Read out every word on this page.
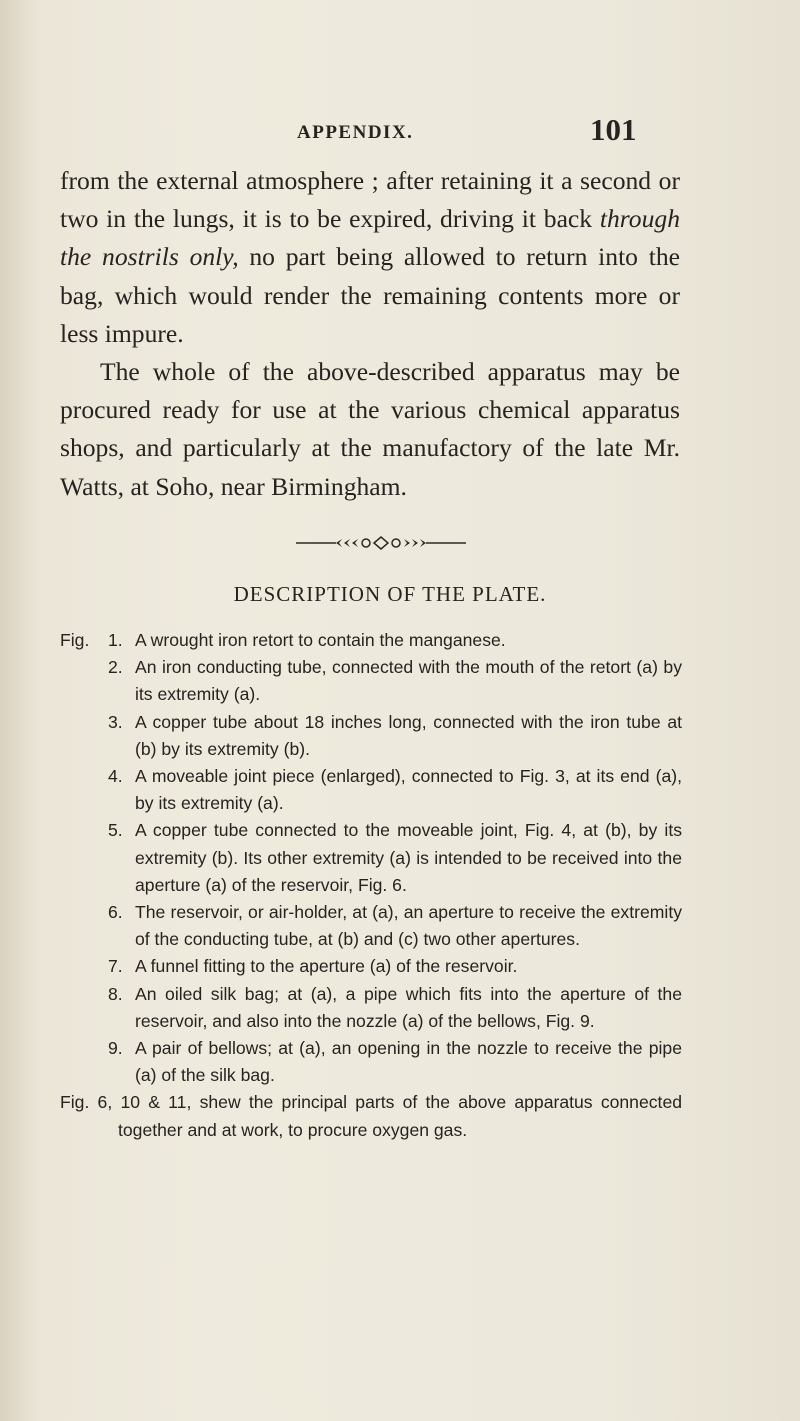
APPENDIX.	101

from the external atmosphere ; after retaining it a second or two in the lungs, it is to be expired, driving it back through the nostrils only, no part being allowed to return into the bag, which would render the remaining contents more or less impure.

The whole of the above-described apparatus may be procured ready for use at the various chemical apparatus shops, and particularly at the manufactory of the late Mr. Watts, at Soho, near Birmingham.

DESCRIPTION OF THE PLATE.
Fig. 1. A wrought iron retort to contain the manganese.
2. An iron conducting tube, connected with the mouth of the retort (a) by its extremity (a).
3. A copper tube about 18 inches long, connected with the iron tube at (b) by its extremity (b).
4. A moveable joint piece (enlarged), connected to Fig. 3, at its end (a), by its extremity (a).
5. A copper tube connected to the moveable joint, Fig. 4, at (b), by its extremity (b). Its other extremity (a) is intended to be received into the aperture (a) of the reservoir, Fig. 6.
6. The reservoir, or air-holder, at (a), an aperture to receive the extremity of the conducting tube, at (b) and (c) two other apertures.
7. A funnel fitting to the aperture (a) of the reservoir.
8. An oiled silk bag; at (a), a pipe which fits into the aperture of the reservoir, and also into the nozzle (a) of the bellows, Fig. 9.
9. A pair of bellows; at (a), an opening in the nozzle to receive the pipe (a) of the silk bag.
Fig. 6, 10 & 11, shew the principal parts of the above apparatus connected together and at work, to procure oxygen gas.
